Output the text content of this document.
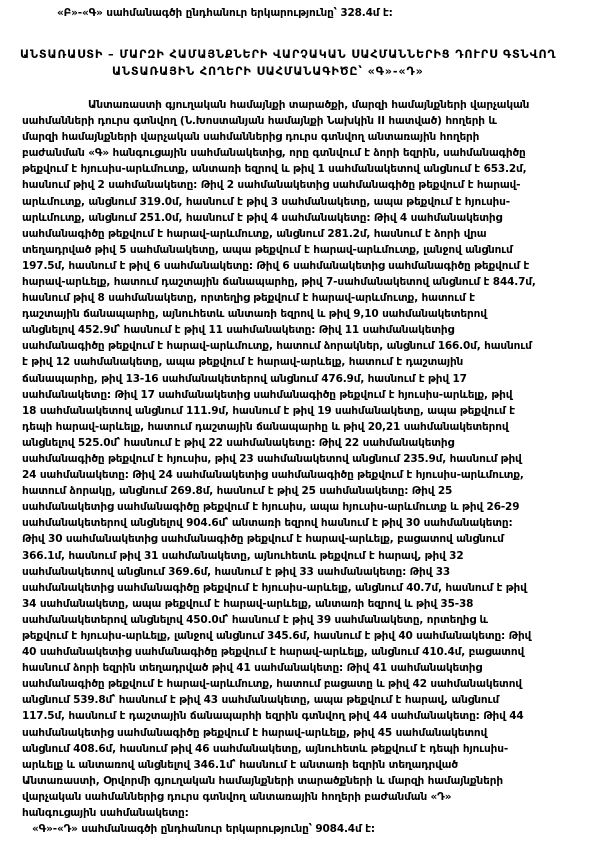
«Բ»-«Գ» սահմանագծի ընդհանուր երկարությունը՝ 328.4մ է:

ԱՆՏԱՌԱՍՏԻ – ՄԱՐԶԻ ՀԱՄԱՅՆՔՆԵՐԻ ՎԱՐՉԱԿԱՆ ՍԱՀՄԱՆՆԵՐԻՑ ԴՈՒՐՍ ԳՏՆՎՈՂ

ԱՆՏԱՌԱՅԻՆ ՀՈՂԵՐԻ ՍԱՀՄԱՆԱԳԻԾԸ՝ «Գ»-«Դ»

Անտառաստի գյուղական համայնքի տարածքի, մարզի համայնքների վարչական

սահմանների դուրս գտնվող (Ն.Խոստանյան համայնքի Նախկին II հատված) հողերի և

մարզի համայնքների վարչական սահմաններից դուրս գտնվող անտառային հողերի

բաժանման «Գ» հանգուցային սահմանակետից, որը գտնվում է ձորի եզրին, սահմանագիծը

թեքվում է հյուսիս-արևմուտք, անտառի եզրով և թիվ 1 սահմանակետով անցնում է 653.2մ,

հասնում թիվ 2 սահմանակետը: Թիվ 2 սահմանակետից սահմանագիծը թեքվում է հարավ-

արևմուտք, անցնում 319.0մ, հասնում է թիվ 3 սահմանակետը, ապա թեքվում է հյուսիս-

արևմուտք, անցնում 251.0մ, հասնում է թիվ 4 սահմանակետը: Թիվ 4 սահմանակետից

սահմանագիծը թեքվում է հարավ-արևմուտք, անցնում 281.2մ, հասնում է ձորի վրա

տեղադրված թիվ 5 սահմանակետը, ապա թեքվում է հարավ-արևմուտք, լանջով անցնում

197.5մ, հասնում է թիվ 6 սահմանակետը: Թիվ 6 սահմանակետից սահմանագիծը թեքվում է

հարավ-արևելք, հատում դաշտային ճանապարհը, թիվ 7-սահմանակետով անցնում է 844.7մ,

հասնում թիվ 8 սահմանակետը, որտեղից թեքվում է հարավ-արևմուտք, հատում է

դաշտային ճանապարհը, այնուհետև անտառի եզրով և թիվ 9,10 սահմանակետերով

անցնելով 452.9մ՝ հասնում է թիվ 11 սահմանակետը: Թիվ 11 սահմանակետից

սահմանագիծը թեքվում է հարավ-արևմուտք, հատում ձորակներ, անցնում 166.0մ, հասնում

է թիվ 12 սահմանակետը, ապա թեքվում է հարավ-արևելք, հատում է դաշտային

ճանապարհը, թիվ 13-16 սահմանակետերով անցնում 476.9մ, հասնում է թիվ 17

սահմանակետը: Թիվ 17 սահմանակետից սահմանագիծը թեքվում է հյուսիս-արևելք, թիվ

18 սահմանակետով անցնում 111.9մ, հասնում է թիվ 19 սահմանակետը, ապա թեքվում է

դեպի հարավ-արևելք, հատում դաշտային ճանապարհը և թիվ 20,21 սահմանակետերով

անցնելով 525.0մ՝ հասնում է թիվ 22 սահմանակետը: Թիվ 22 սահմանակետից

սահմանագիծը թեքվում է հյուսիս, թիվ 23 սահմանակետով անցնում 235.9մ, հասնում թիվ

24 սահմանակետը: Թիվ 24 սահմանակետից սահմանագիծը թեքվում է հյուսիս-արևմուտք,

հատում ձորակը, անցնում 269.8մ, հասնում է թիվ 25 սահմանակետը: Թիվ 25

սահմանակետից սահմանագիծը թեքվում է հյուսիս, ապա հյուսիս-արևմուտք և թիվ 26-29

սահմանակետերով անցնելով 904.6մ՝ անտառի եզրով հասնում է թիվ 30 սահմանակետը:

Թիվ 30 սահմանակետից սահմանագիծը թեքվում է հարավ-արևելք, բացատով անցնում

366.1մ, հասնում թիվ 31 սահմանակետը, այնուհետև թեքվում է հարավ, թիվ 32

սահմանակետով անցնում 369.6մ, հասնում է թիվ 33 սահմանակետը: Թիվ 33

սահմանակետից սահմանագիծը թեքվում է հյուսիս-արևելք, անցնում 40.7մ, հասնում է թիվ

34 սահմանակետը, ապա թեքվում է հարավ-արևելք, անտառի եզրով և թիվ 35-38

սահմանակետերով անցնելով 450.0մ՝ հասնում է թիվ 39 սահմանակետը, որտեղից և

թեքվում է հյուսիս-արևելք, լանջով անցնում 345.6մ, հասնում է թիվ 40 սահմանակետը: Թիվ

40 սահմանակետից սահմանագիծը թեքվում է հարավ-արևելք, անցնում 410.4մ, բացատով

հասնում ձորի եզրին տեղադրված թիվ 41 սահմանակետը: Թիվ 41 սահմանակետից

սահմանագիծը թեքվում է հարավ-արևմուտք, հատում բացատը և թիվ 42 սահմանակետով

անցնում 539.8մ՝ հասնում է թիվ 43 սահմանակետը, ապա թեքվում է հարավ, անցնում

117.5մ, հասնում է դաշտային ճանապարհի եզրին գտնվող թիվ 44 սահմանակետը: Թիվ 44

սահմանակետից սահմանագիծը թեքվում է հարավ-արևելք, թիվ 45 սահմանակետով

անցնում 408.6մ, հասնում թիվ 46 սահմանակետը, այնուհետև թեքվում է դեպի հյուսիս-

արևելք և անտառով անցնելով 346.1մ՝ հասնում է անտառի եզրին տեղադրված

Անտառաստի, Օրվորմի գյուղական համայնքների տարածքների և մարզի համայնքների

վարչական սահմաններից դուրս գտնվող անտառային հողերի բաժանման «Դ»

հանգուցային սահմանակետը:

«Գ»-«Դ» սահմանագծի ընդհանուր երկարությունը՝ 9084.4մ է:
